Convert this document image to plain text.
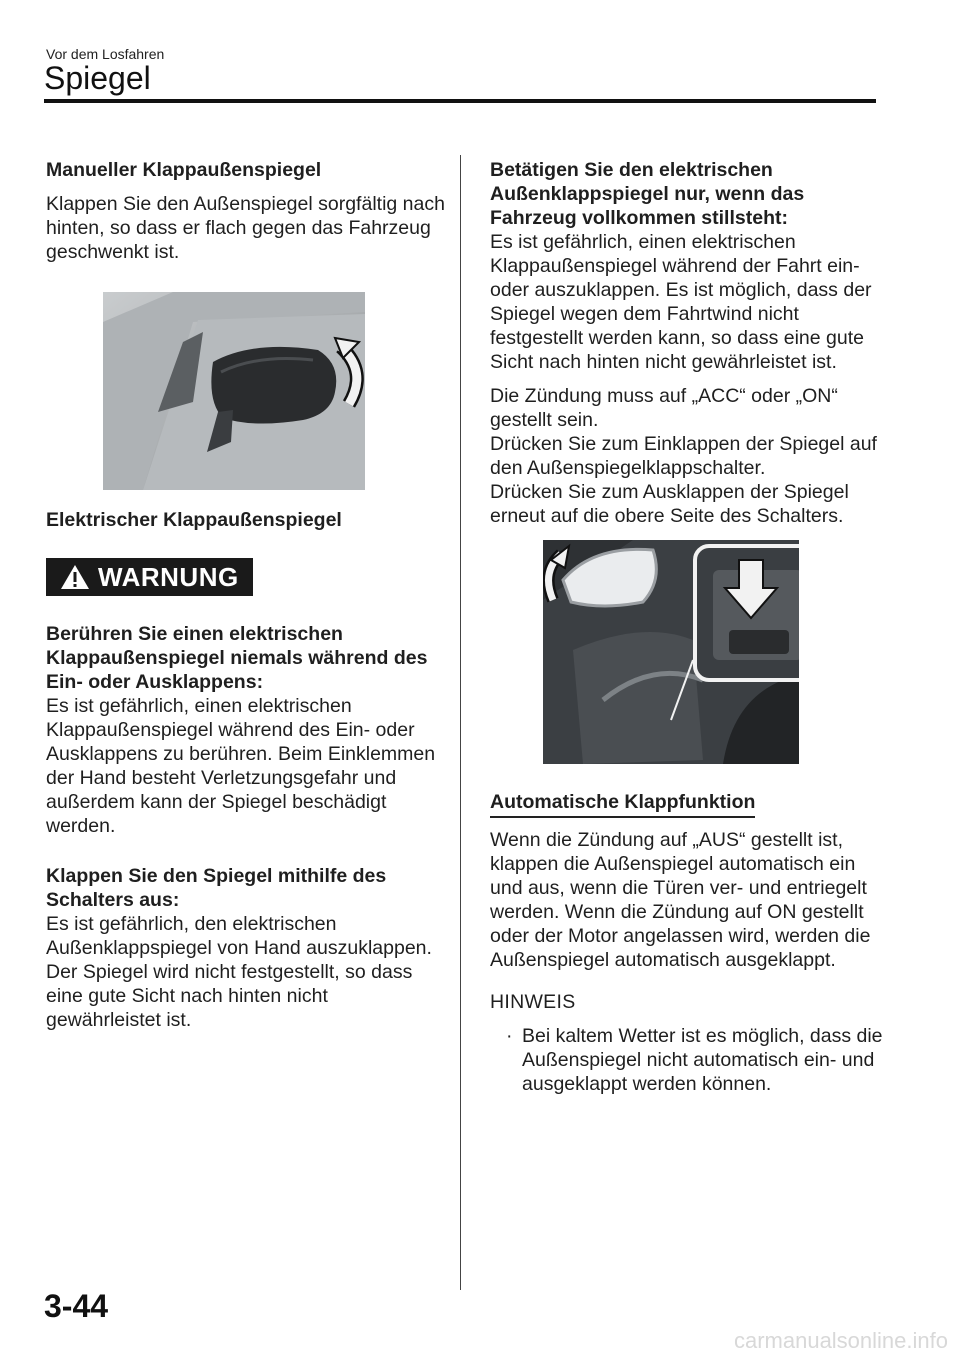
Vor dem Losfahren
Spiegel

Manueller Klappaußenspiegel

Klappen Sie den Außenspiegel sorgfältig nach hinten, so dass er flach gegen das Fahrzeug geschwenkt ist.

Elektrischer Klappaußenspiegel

WARNUNG

Berühren Sie einen elektrischen Klappaußenspiegel niemals während des Ein- oder Ausklappens:

Es ist gefährlich, einen elektrischen Klappaußenspiegel während des Ein- oder Ausklappens zu berühren. Beim Einklemmen der Hand besteht Verletzungsgefahr und außerdem kann der Spiegel beschädigt werden.

Klappen Sie den Spiegel mithilfe des Schalters aus:

Es ist gefährlich, den elektrischen Außenklappspiegel von Hand auszuklappen. Der Spiegel wird nicht festgestellt, so dass eine gute Sicht nach hinten nicht gewährleistet ist.

Betätigen Sie den elektrischen Außenklappspiegel nur, wenn das Fahrzeug vollkommen stillsteht:

Es ist gefährlich, einen elektrischen Klappaußenspiegel während der Fahrt ein- oder auszuklappen. Es ist möglich, dass der Spiegel wegen dem Fahrtwind nicht festgestellt werden kann, so dass eine gute Sicht nach hinten nicht gewährleistet ist.

Die Zündung muss auf „ACC“ oder „ON“ gestellt sein.

Drücken Sie zum Einklappen der Spiegel auf den Außenspiegelklappschalter.

Drücken Sie zum Ausklappen der Spiegel erneut auf die obere Seite des Schalters.

Automatische Klappfunktion

Wenn die Zündung auf „AUS“ gestellt ist, klappen die Außenspiegel automatisch ein und aus, wenn die Türen ver- und entriegelt werden. Wenn die Zündung auf ON gestellt oder der Motor angelassen wird, werden die Außenspiegel automatisch ausgeklappt.

HINWEIS

· Bei kaltem Wetter ist es möglich, dass die Außenspiegel nicht automatisch ein- und ausgeklappt werden können.
3-44
carmanualsonline.info
